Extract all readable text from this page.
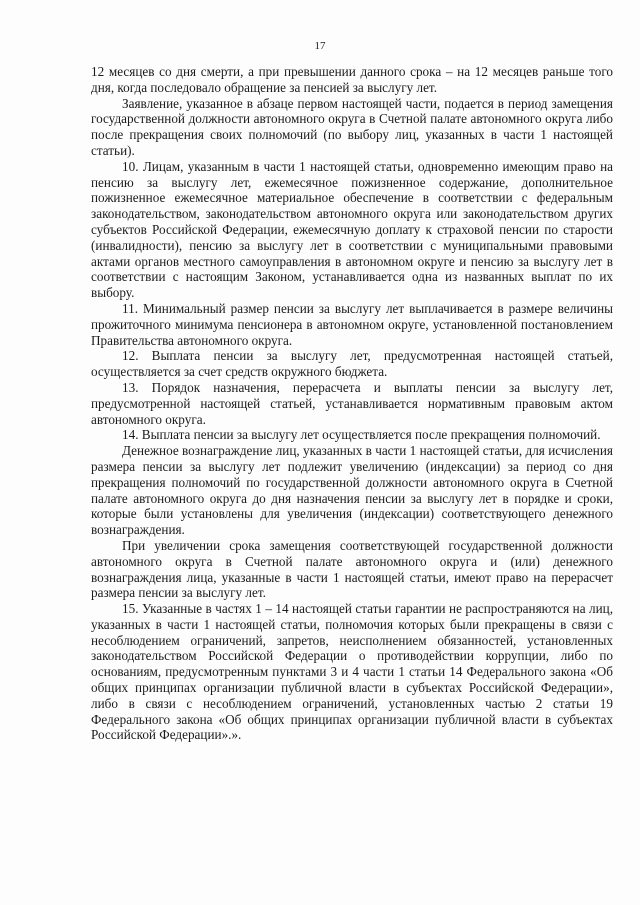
17

12 месяцев со дня смерти, а при превышении данного срока – на 12 месяцев раньше того дня, когда последовало обращение за пенсией за выслугу лет.

Заявление, указанное в абзаце первом настоящей части, подается в период замещения государственной должности автономного округа в Счетной палате автономного округа либо после прекращения своих полномочий (по выбору лиц, указанных в части 1 настоящей статьи).

10. Лицам, указанным в части 1 настоящей статьи, одновременно имеющим право на пенсию за выслугу лет, ежемесячное пожизненное содержание, дополнительное пожизненное ежемесячное материальное обеспечение в соответствии с федеральным законодательством, законодательством автономного округа или законодательством других субъектов Российской Федерации, ежемесячную доплату к страховой пенсии по старости (инвалидности), пенсию за выслугу лет в соответствии с муниципальными правовыми актами органов местного самоуправления в автономном округе и пенсию за выслугу лет в соответствии с настоящим Законом, устанавливается одна из названных выплат по их выбору.

11. Минимальный размер пенсии за выслугу лет выплачивается в размере величины прожиточного минимума пенсионера в автономном округе, установленной постановлением Правительства автономного округа.

12. Выплата пенсии за выслугу лет, предусмотренная настоящей статьей, осуществляется за счет средств окружного бюджета.

13. Порядок назначения, перерасчета и выплаты пенсии за выслугу лет, предусмотренной настоящей статьей, устанавливается нормативным правовым актом автономного округа.

14. Выплата пенсии за выслугу лет осуществляется после прекращения полномочий.

Денежное вознаграждение лиц, указанных в части 1 настоящей статьи, для исчисления размера пенсии за выслугу лет подлежит увеличению (индексации) за период со дня прекращения полномочий по государственной должности автономного округа в Счетной палате автономного округа до дня назначения пенсии за выслугу лет в порядке и сроки, которые были установлены для увеличения (индексации) соответствующего денежного вознаграждения.

При увеличении срока замещения соответствующей государственной должности автономного округа в Счетной палате автономного округа и (или) денежного вознаграждения лица, указанные в части 1 настоящей статьи, имеют право на перерасчет размера пенсии за выслугу лет.

15. Указанные в частях 1 – 14 настоящей статьи гарантии не распространяются на лиц, указанных в части 1 настоящей статьи, полномочия которых были прекращены в связи с несоблюдением ограничений, запретов, неисполнением обязанностей, установленных законодательством Российской Федерации о противодействии коррупции, либо по основаниям, предусмотренным пунктами 3 и 4 части 1 статьи 14 Федерального закона «Об общих принципах организации публичной власти в субъектах Российской Федерации», либо в связи с несоблюдением ограничений, установленных частью 2 статьи 19 Федерального закона «Об общих принципах организации публичной власти в субъектах Российской Федерации».».
